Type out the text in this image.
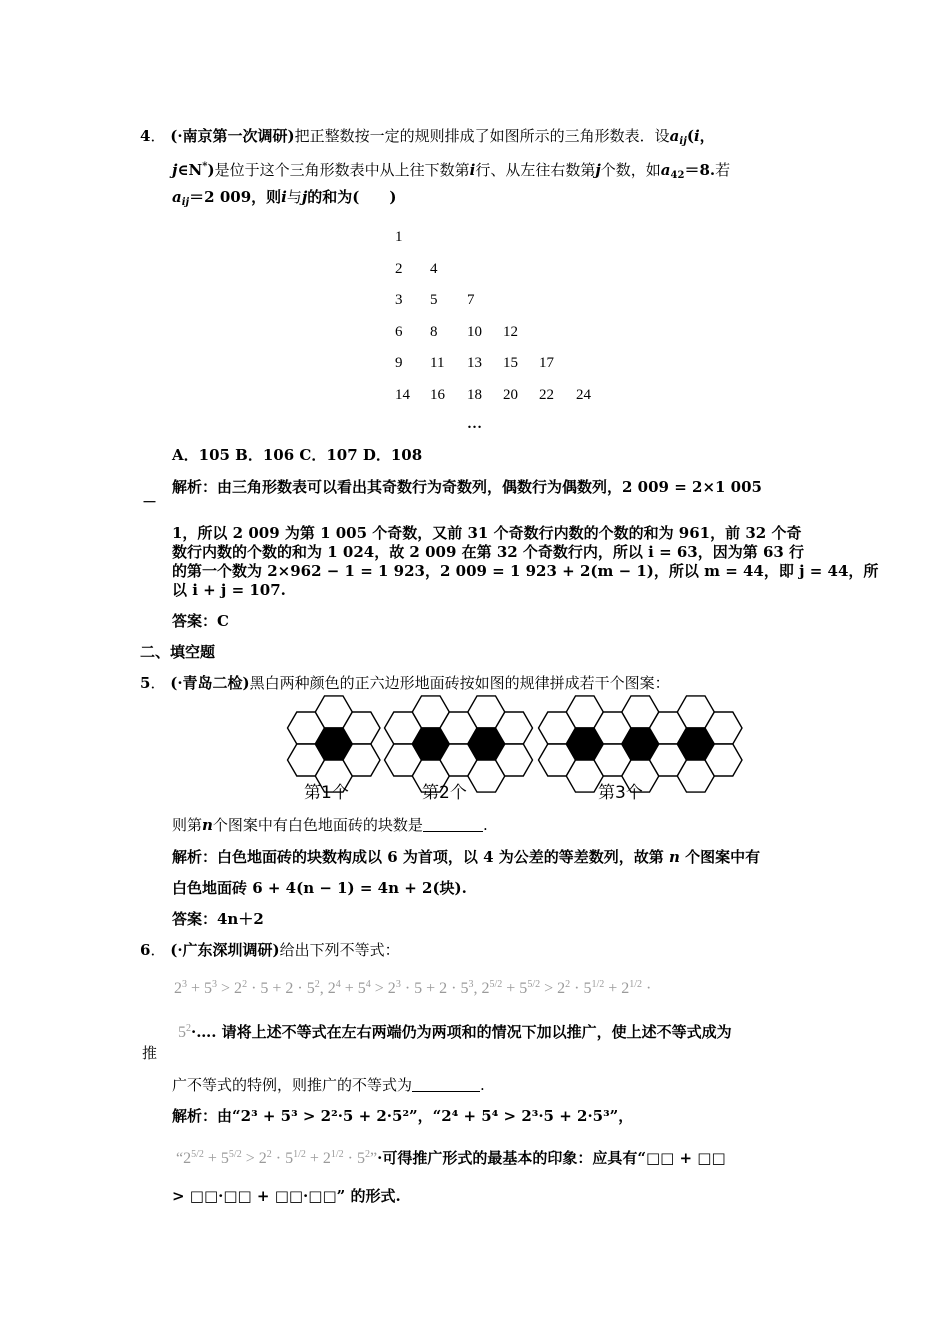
4． (·南京第一次调研)把正整数按一定的规则排成了如图所示的三角形数表．设$a_{ij}(i$，
j∈N*)是位于这个三角形数表中从上往下数第i行、从左往右数第j个数，如$a_{42}=8$.若
$a_{ij}=2$ 009，则i与j的和为(　　)
1
2 4
3 5 7
6 8 10 12
9 11 13 15 17
14 16 18 20 22 24
…
A．105 B．106 C．107 D．108
解析：由三角形数表可以看出其奇数行为奇数列，偶数行为偶数列，2 009 = 2×1 005
－
1，所以 2 009 为第 1 005 个奇数，又前 31 个奇数行内数的个数的和为 961，前 32 个奇
数行内数的个数的和为 1 024，故 2 009 在第 32 个奇数行内，所以 i = 63，因为第 63 行
的第一个数为 2×962 − 1 = 1 923，2 009 = 1 923 + 2(m − 1)，所以 m = 44，即 j = 44，所
以 i + j = 107.
答案：C
二、填空题
5． (·青岛二检)黑白两种颜色的正六边形地面砖按如图的规律拼成若干个图案：
第1个	第2个	第3个
则第n个图案中有白色地面砖的块数是	.
解析：白色地面砖的块数构成以 6 为首项，以 4 为公差的等差数列，故第 n 个图案中有
白色地面砖 6 + 4(n − 1) = 4n + 2(块).
答案：4n＋2
6． (·广东深圳调研)给出下列不等式：
$2^3 + 5^3 > 2^2 \cdot 5 + 2 \cdot 5^2$, $2^4 + 5^4 > 2^3 \cdot 5 + 2 \cdot 5^3$, $2^{5/2} + 5^{5/2} > 2^2 \cdot 5^{1/2} + 2^{1/2}$ ·
$5^2\cdot\dots$. 请将上述不等式在左右两端仍为两项和的情况下加以推广，使上述不等式成为
推
广不等式的特例，则推广的不等式为	.
解析：由“2³ + 5³ > 2²·5 + 2·5²”，“2⁴ + 5⁴ > 2³·5 + 2·5³”，
“$2^{5/2} + 5^{5/2} > 2^2 \cdot 5^{1/2} + 2^{1/2}$ · $5^2”\cdot$可得推广形式的最基本的印象：应具有“□□ + □□
> □□·□□ + □□·□□” 的形式.
